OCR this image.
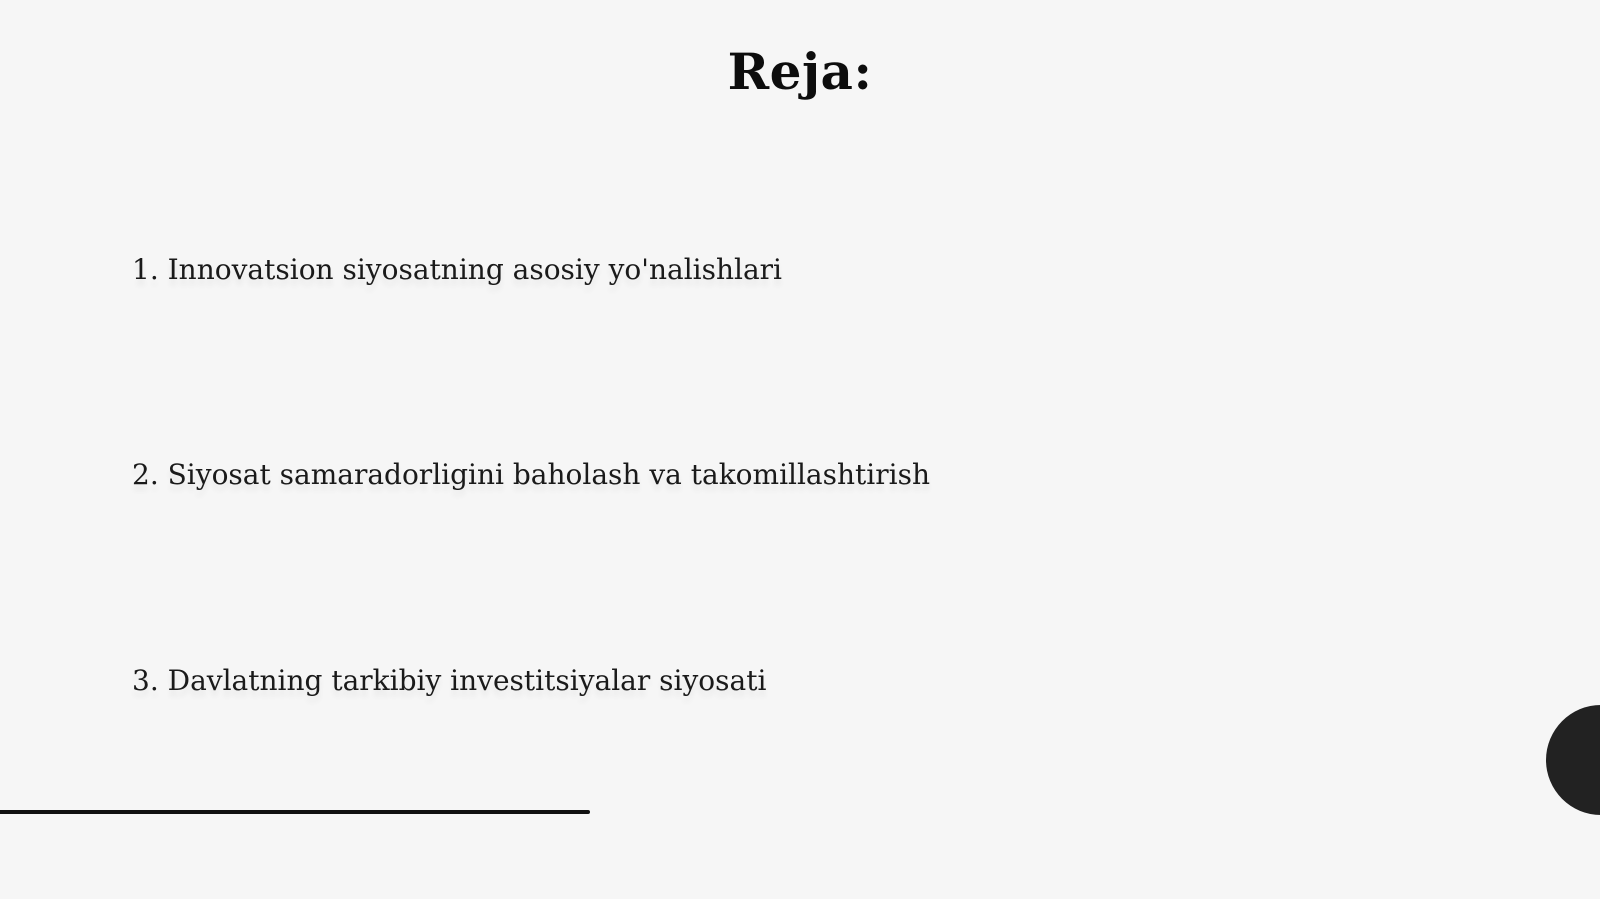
Reja:
1. Innovatsion siyosatning asosiy yo'nalishlari
2. Siyosat samaradorligini baholash va takomillashtirish
3. Davlatning tarkibiy investitsiyalar siyosati
